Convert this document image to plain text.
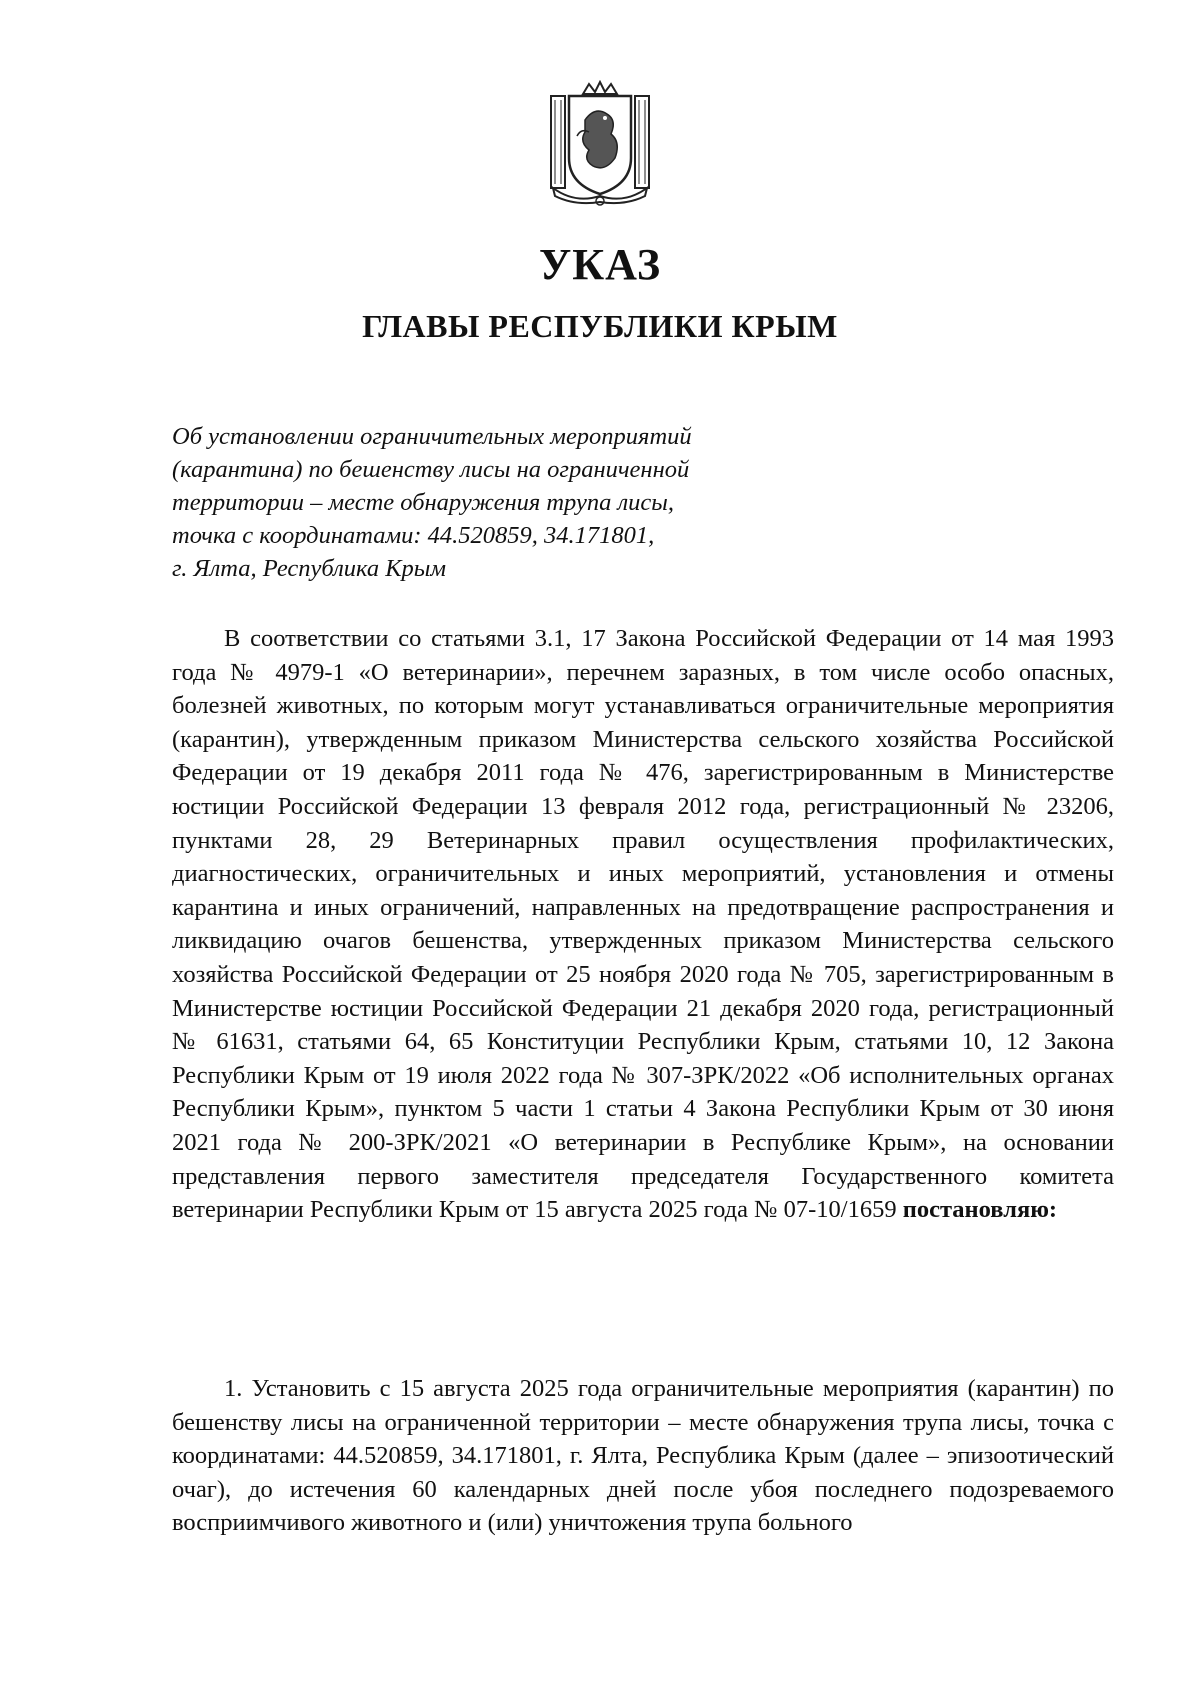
УКАЗ
ГЛАВЫ РЕСПУБЛИКИ КРЫМ
Об установлении ограничительных мероприятий
(карантина) по бешенству лисы на ограниченной
территории – месте обнаружения трупа лисы,
точка с координатами: 44.520859, 34.171801,
г. Ялта, Республика Крым
В соответствии со статьями 3.1, 17 Закона Российской Федерации от 14 мая 1993 года № 4979-1 «О ветеринарии», перечнем заразных, в том числе особо опасных, болезней животных, по которым могут устанавливаться ограничительные мероприятия (карантин), утвержденным приказом Министерства сельского хозяйства Российской Федерации от 19 декабря 2011 года № 476, зарегистрированным в Министерстве юстиции Российской Федерации 13 февраля 2012 года, регистрационный № 23206, пунктами 28, 29 Ветеринарных правил осуществления профилактических, диагностических, ограничительных и иных мероприятий, установления и отмены карантина и иных ограничений, направленных на предотвращение распространения и ликвидацию очагов бешенства, утвержденных приказом Министерства сельского хозяйства Российской Федерации от 25 ноября 2020 года № 705, зарегистрированным в Министерстве юстиции Российской Федерации 21 декабря 2020 года, регистрационный № 61631, статьями 64, 65 Конституции Республики Крым, статьями 10, 12 Закона Республики Крым от 19 июля 2022 года № 307-ЗРК/2022 «Об исполнительных органах Республики Крым», пунктом 5 части 1 статьи 4 Закона Республики Крым от 30 июня 2021 года № 200-ЗРК/2021 «О ветеринарии в Республике Крым», на основании представления первого заместителя председателя Государственного комитета ветеринарии Республики Крым от 15 августа 2025 года № 07-10/1659 постановляю:
1. Установить с 15 августа 2025 года ограничительные мероприятия (карантин) по бешенству лисы на ограниченной территории – месте обнаружения трупа лисы, точка с координатами: 44.520859, 34.171801, г. Ялта, Республика Крым (далее – эпизоотический очаг), до истечения 60 календарных дней после убоя последнего подозреваемого восприимчивого животного и (или) уничтожения трупа больного
